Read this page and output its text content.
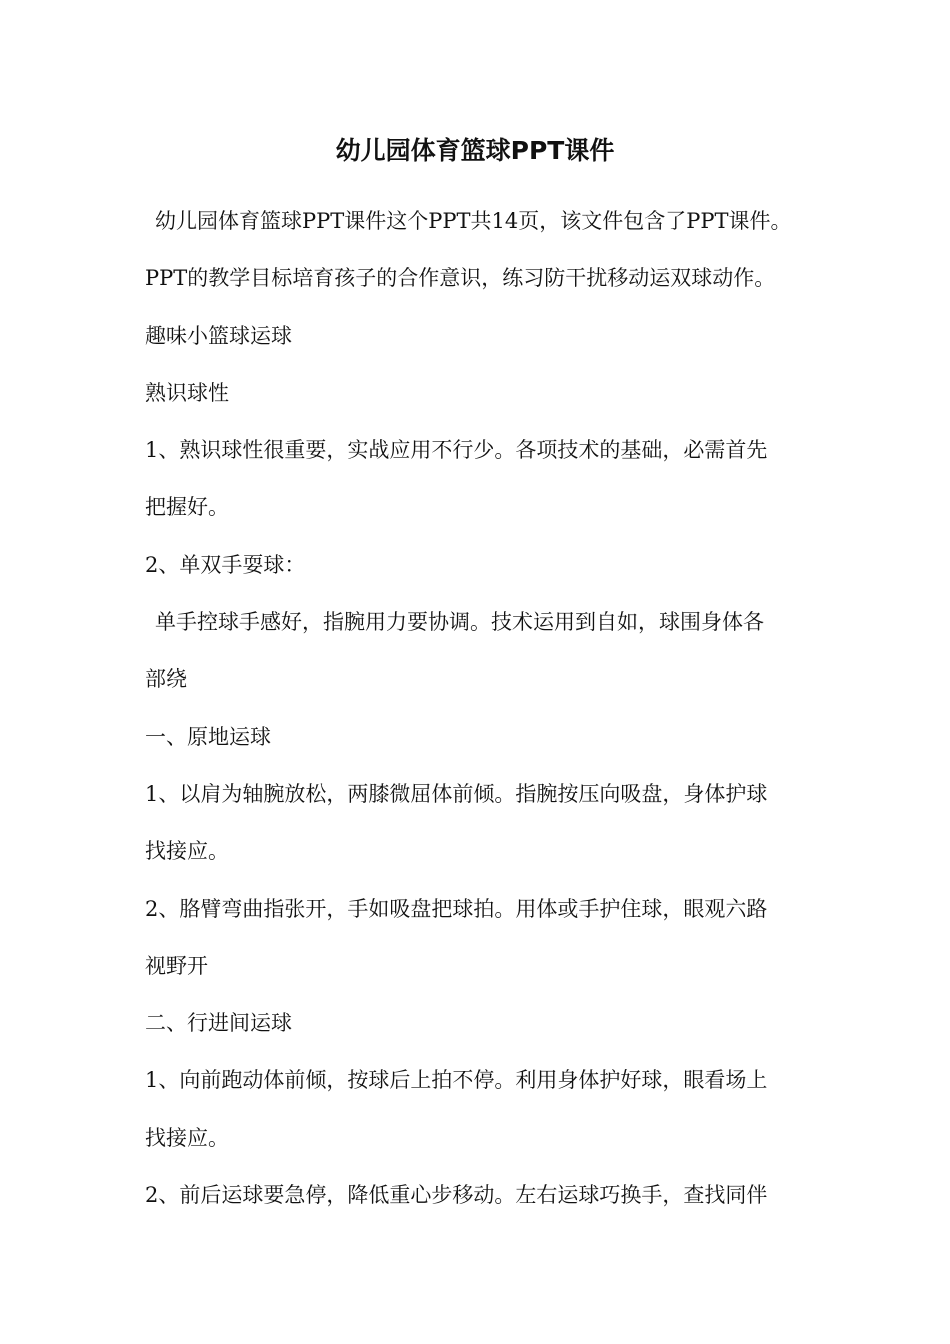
幼儿园体育篮球PPT课件

幼儿园体育篮球PPT课件这个PPT共14页，该文件包含了PPT课件。

PPT的教学目标培育孩子的合作意识，练习防干扰移动运双球动作。

趣味小篮球运球

熟识球性

1、熟识球性很重要，实战应用不行少。各项技术的基础，必需首先

把握好。

2、单双手耍球：

单手控球手感好，指腕用力要协调。技术运用到自如，球围身体各

部绕

一、原地运球

1、以肩为轴腕放松，两膝微屈体前倾。指腕按压向吸盘，身体护球

找接应。

2、胳臂弯曲指张开，手如吸盘把球拍。用体或手护住球，眼观六路

视野开

二、行进间运球

1、向前跑动体前倾，按球后上拍不停。利用身体护好球，眼看场上

找接应。

2、前后运球要急停，降低重心步移动。左右运球巧换手，查找同伴
